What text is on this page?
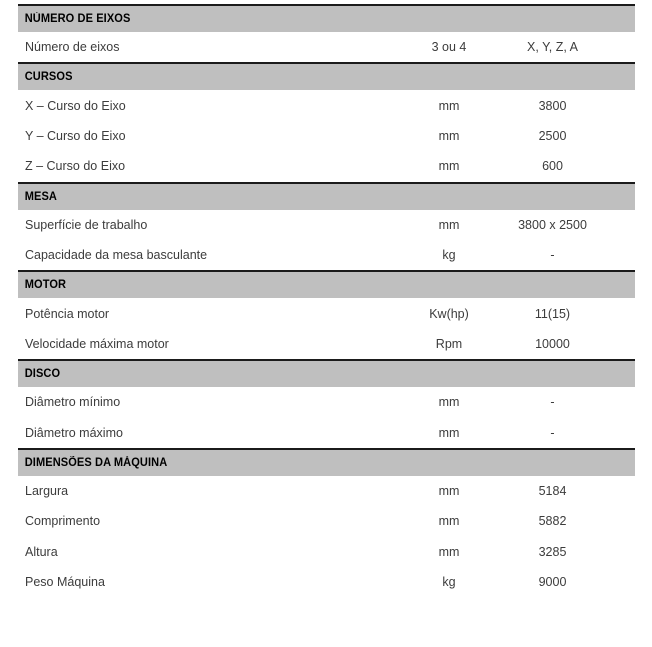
NÚMERO DE EIXOS
Número de eixos	3 ou 4	X, Y, Z, A
CURSOS
X – Curso do Eixo	mm	3800
Y – Curso do Eixo	mm	2500
Z – Curso do Eixo	mm	600
MESA
Superfície de trabalho	mm	3800 x 2500
Capacidade da mesa basculante	kg	-
MOTOR
Potência motor	Kw(hp)	11(15)
Velocidade máxima motor	Rpm	10000
DISCO
Diâmetro mínimo	mm	-
Diâmetro máximo	mm	-
DIMENSÕES DA MÁQUINA
Largura	mm	5184
Comprimento	mm	5882
Altura	mm	3285
Peso Máquina	kg	9000
